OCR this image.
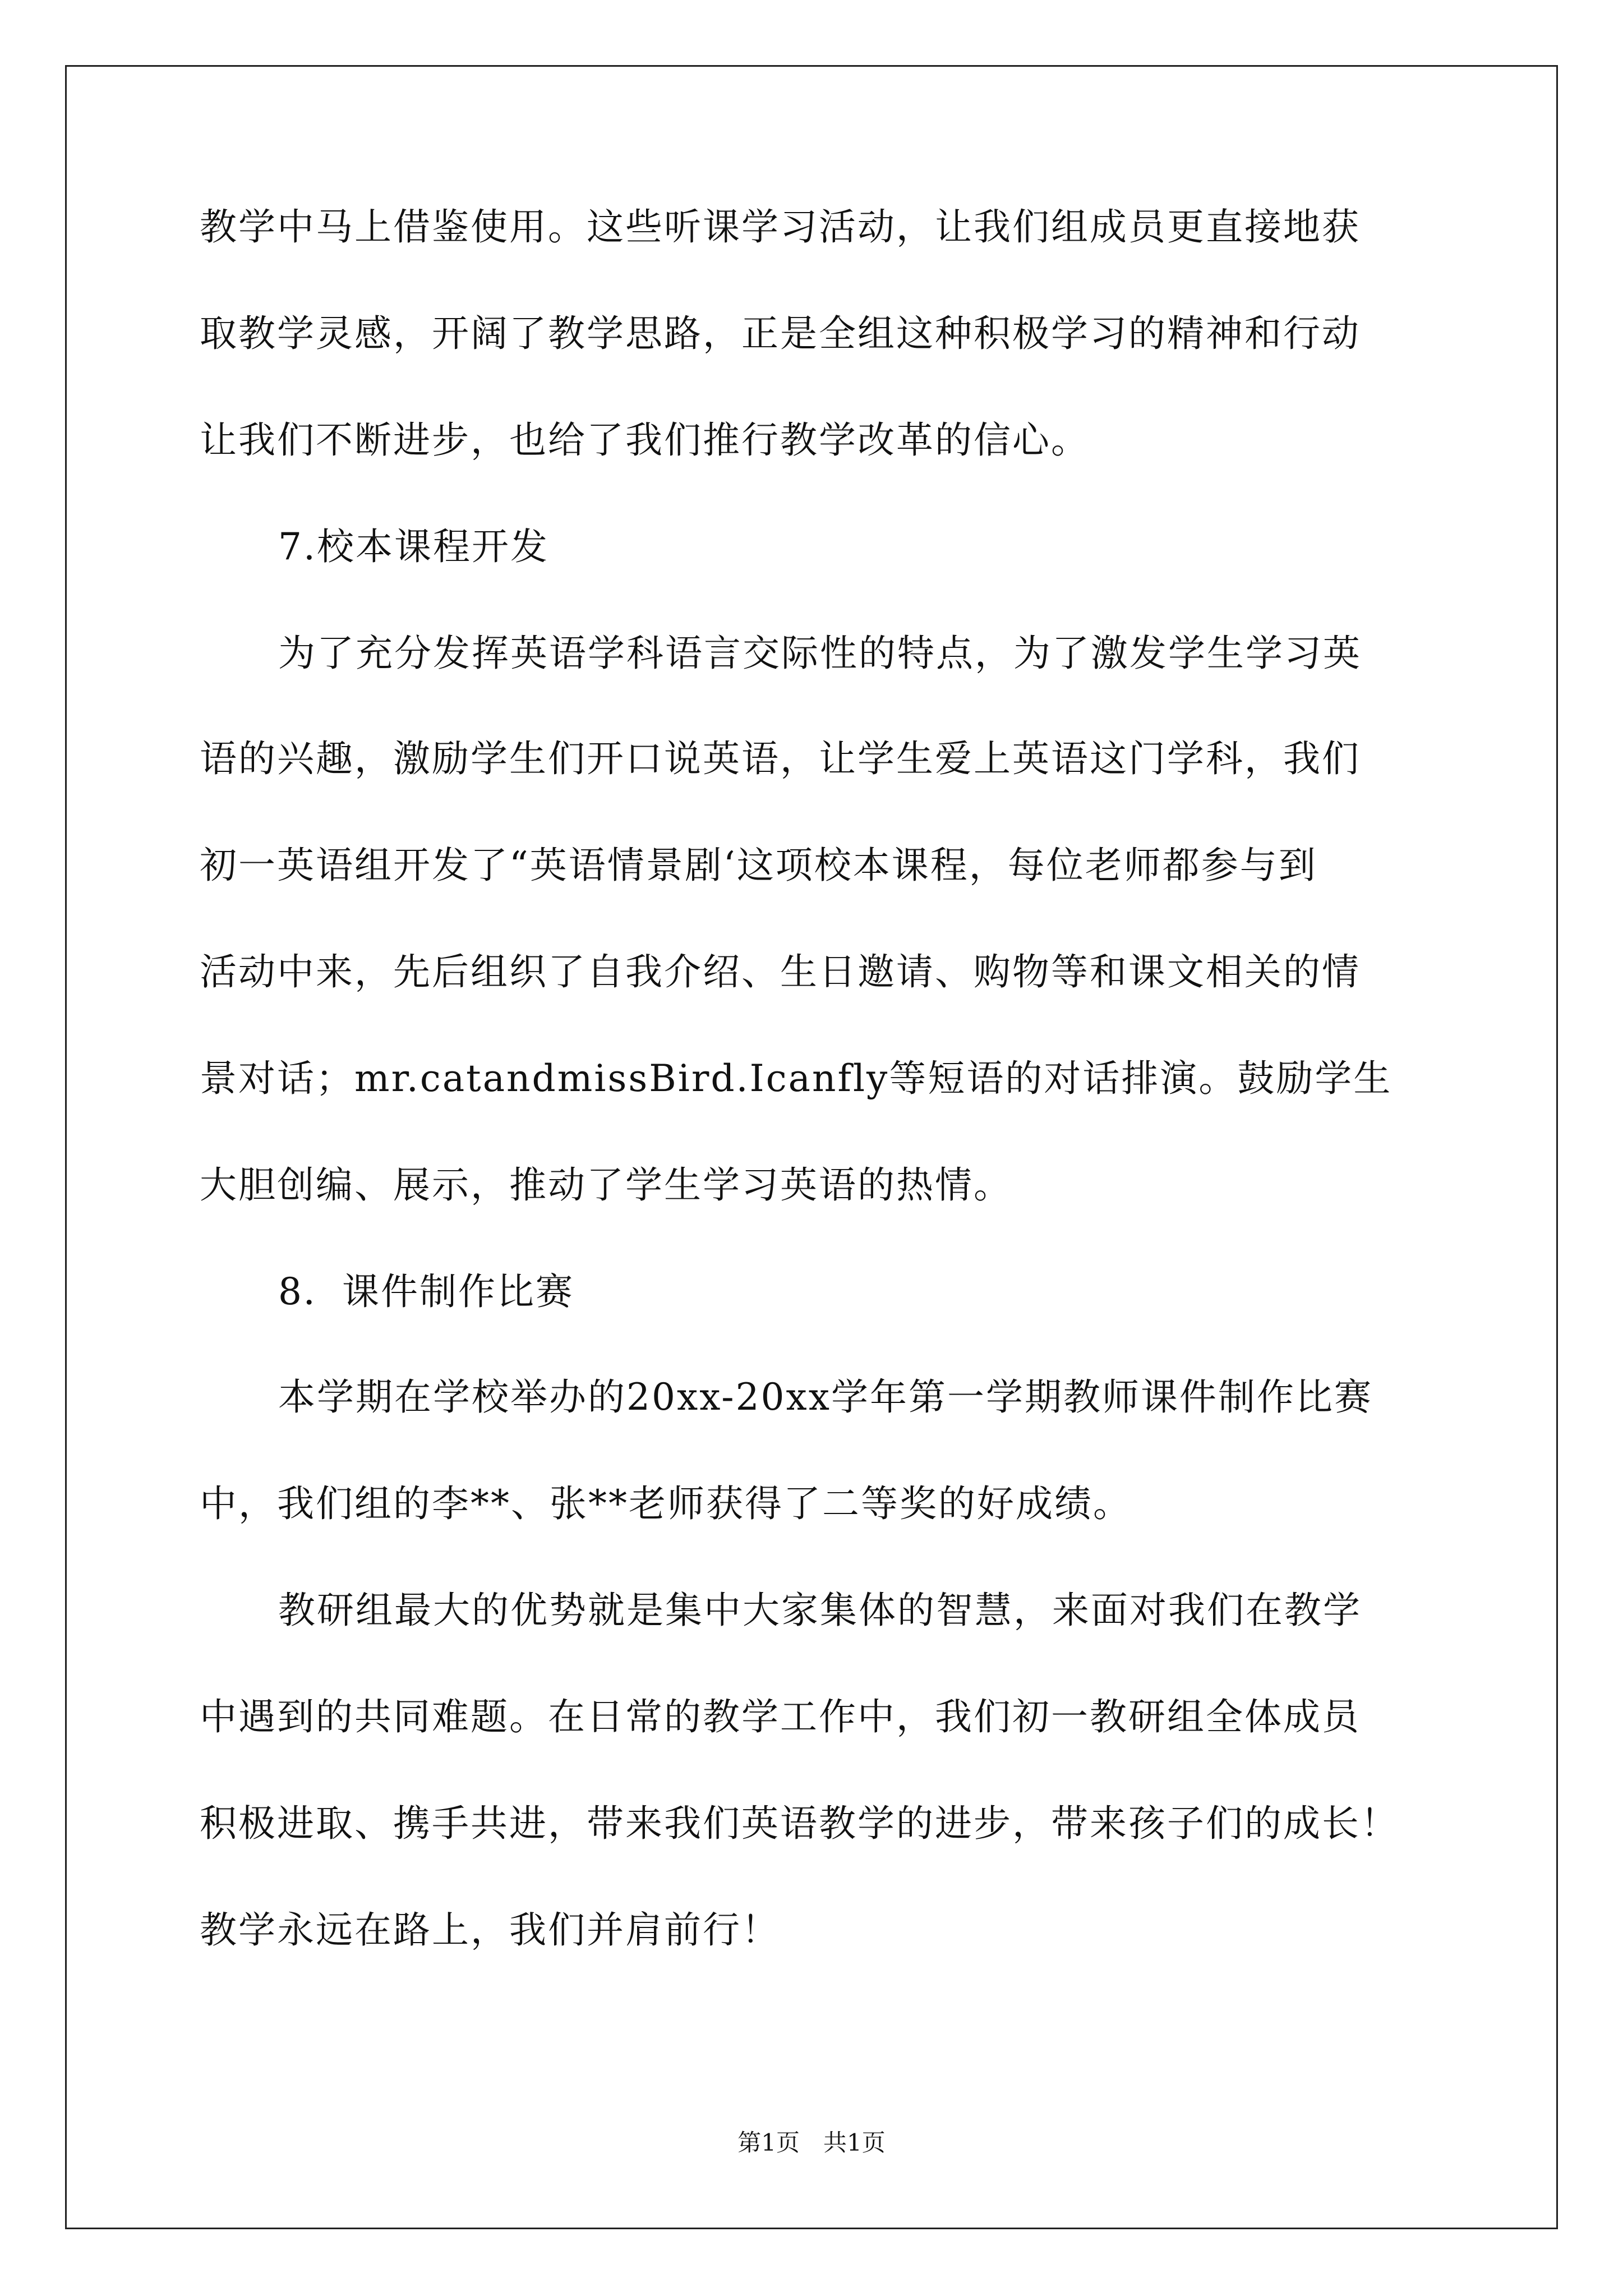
教学中马上借鉴使用。这些听课学习活动，让我们组成员更直接地获
取教学灵感，开阔了教学思路，正是全组这种积极学习的精神和行动
让我们不断进步，也给了我们推行教学改革的信心。
7.校本课程开发
为了充分发挥英语学科语言交际性的特点，为了激发学生学习英
语的兴趣，激励学生们开口说英语，让学生爱上英语这门学科，我们
初一英语组开发了“英语情景剧‘这项校本课程，每位老师都参与到
活动中来，先后组织了自我介绍、生日邀请、购物等和课文相关的情
景对话；mr.catandmissBird.Icanfly等短语的对话排演。鼓励学生
大胆创编、展示，推动了学生学习英语的热情。
8．课件制作比赛
本学期在学校举办的20xx-20xx学年第一学期教师课件制作比赛
中，我们组的李**、张**老师获得了二等奖的好成绩。
教研组最大的优势就是集中大家集体的智慧，来面对我们在教学
中遇到的共同难题。在日常的教学工作中，我们初一教研组全体成员
积极进取、携手共进，带来我们英语教学的进步，带来孩子们的成长！
教学永远在路上，我们并肩前行！
第1页　共1页
